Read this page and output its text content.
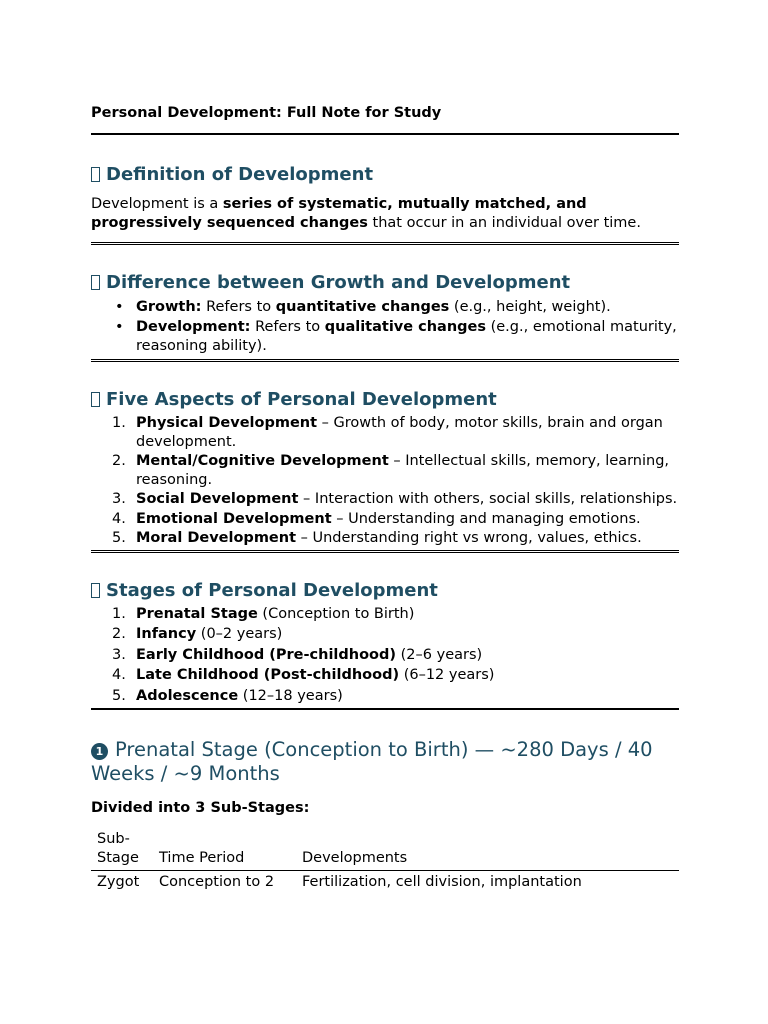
Personal Development: Full Note for Study

Definition of Development

Development is a series of systematic, mutually matched, and progressively sequenced changes that occur in an individual over time.

Difference between Growth and Development
• Growth: Refers to quantitative changes (e.g., height, weight).
• Development: Refers to qualitative changes (e.g., emotional maturity, reasoning ability).
Five Aspects of Personal Development
1. Physical Development – Growth of body, motor skills, brain and organ development.
2. Mental/Cognitive Development – Intellectual skills, memory, learning, reasoning.
3. Social Development – Interaction with others, social skills, relationships.
4. Emotional Development – Understanding and managing emotions.
5. Moral Development – Understanding right vs wrong, values, ethics.
Stages of Personal Development
1. Prenatal Stage (Conception to Birth)
2. Infancy (0–2 years)
3. Early Childhood (Pre-childhood) (2–6 years)
4. Late Childhood (Post-childhood) (6–12 years)
5. Adolescence (12–18 years)
1 Prenatal Stage (Conception to Birth) — ~280 Days / 40 Weeks / ~9 Months

Divided into 3 Sub-Stages:

Sub-Stage	Time Period	Developments
Zygot	Conception to 2	Fertilization, cell division, implantation
